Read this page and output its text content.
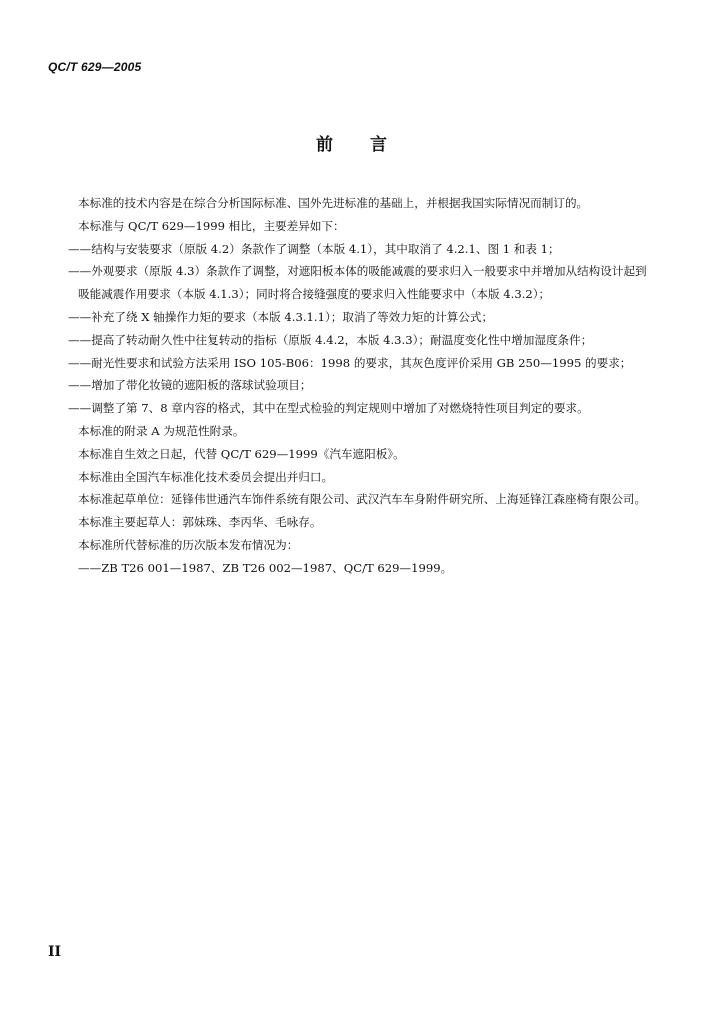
QC/T 629—2005
前　　言

本标准的技术内容是在综合分析国际标准、国外先进标准的基础上，并根据我国实际情况而制订的。

本标准与 QC/T 629—1999 相比，主要差异如下：

——结构与安装要求（原版 4.2）条款作了调整（本版 4.1），其中取消了 4.2.1、图 1 和表 1；

——外观要求（原版 4.3）条款作了调整，对遮阳板本体的吸能减震的要求归入一般要求中并增加从结构设计起到吸能减震作用要求（本版 4.1.3）；同时将合接缝强度的要求归入性能要求中（本版 4.3.2）；

——补充了绕 X 轴操作力矩的要求（本版 4.3.1.1）；取消了等效力矩的计算公式；

——提高了转动耐久性中往复转动的指标（原版 4.4.2，本版 4.3.3）；耐温度变化性中增加湿度条件；

——耐光性要求和试验方法采用 ISO 105-B06：1998 的要求，其灰色度评价采用 GB 250—1995 的要求；

——增加了带化妆镜的遮阳板的落球试验项目；

——调整了第 7、8 章内容的格式，其中在型式检验的判定规则中增加了对燃烧特性项目判定的要求。

本标准的附录 A 为规范性附录。

本标准自生效之日起，代替 QC/T 629—1999《汽车遮阳板》。

本标准由全国汽车标准化技术委员会提出并归口。

本标准起草单位：延锋伟世通汽车饰件系统有限公司、武汉汽车车身附件研究所、上海延锋江森座椅有限公司。

本标准主要起草人：郭妹珠、李丙华、毛咏存。

本标准所代替标准的历次版本发布情况为：

——ZB T26 001—1987、ZB T26 002—1987、QC/T 629—1999。

II
